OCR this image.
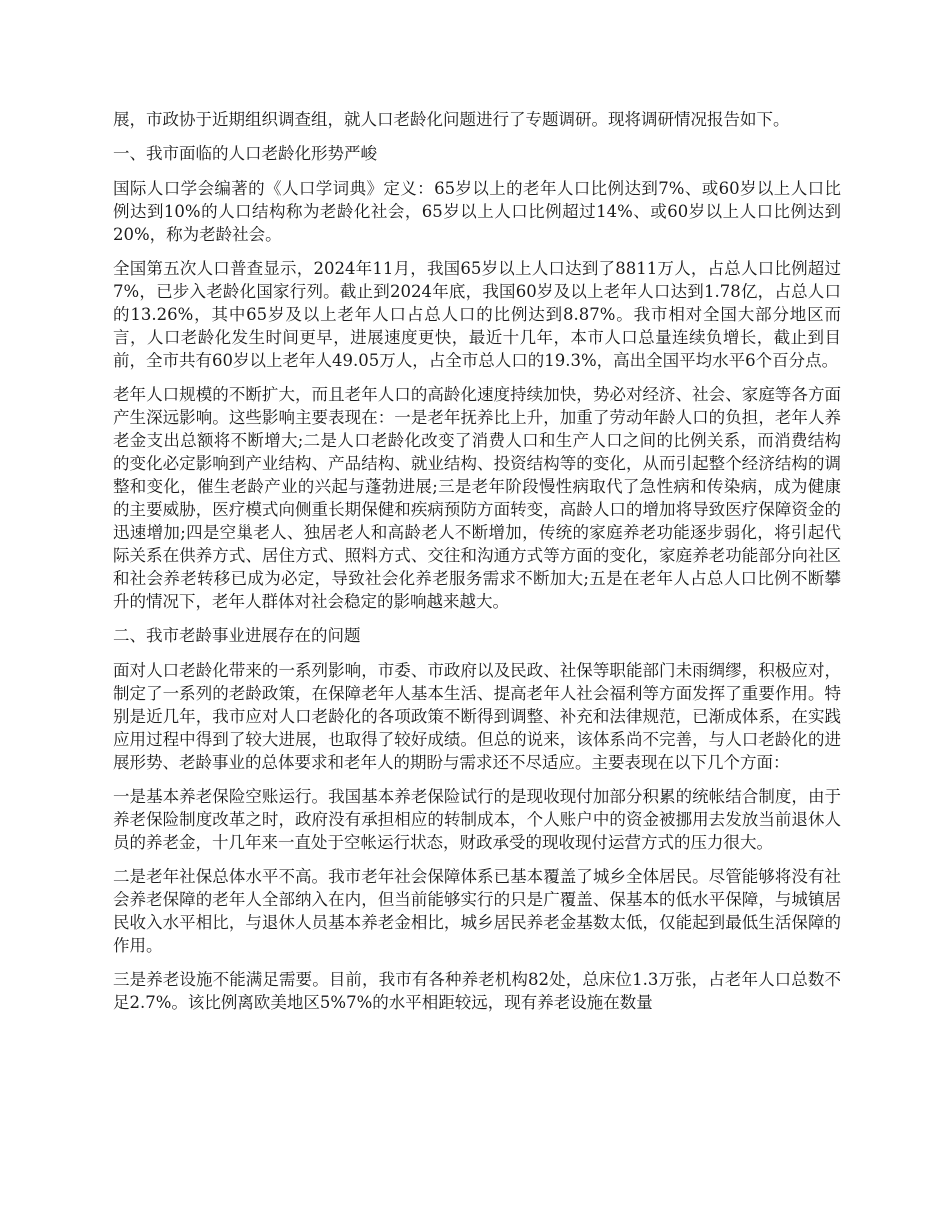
展，市政协于近期组织调查组，就人口老龄化问题进行了专题调研。现将调研情况报告如下。

一、我市面临的人口老龄化形势严峻

国际人口学会编著的《人口学词典》定义：65岁以上的老年人口比例达到7%、或60岁以上人口比例达到10%的人口结构称为老龄化社会，65岁以上人口比例超过14%、或60岁以上人口比例达到20%，称为老龄社会。

全国第五次人口普查显示，2024年11月，我国65岁以上人口达到了8811万人，占总人口比例超过7%，已步入老龄化国家行列。截止到2024年底，我国60岁及以上老年人口达到1.78亿，占总人口的13.26%，其中65岁及以上老年人口占总人口的比例达到8.87%。我市相对全国大部分地区而言，人口老龄化发生时间更早，进展速度更快，最近十几年，本市人口总量连续负增长，截止到目前，全市共有60岁以上老年人49.05万人，占全市总人口的19.3%，高出全国平均水平6个百分点。

老年人口规模的不断扩大，而且老年人口的高龄化速度持续加快，势必对经济、社会、家庭等各方面产生深远影响。这些影响主要表现在：一是老年抚养比上升，加重了劳动年龄人口的负担，老年人养老金支出总额将不断增大;二是人口老龄化改变了消费人口和生产人口之间的比例关系，而消费结构的变化必定影响到产业结构、产品结构、就业结构、投资结构等的变化，从而引起整个经济结构的调整和变化，催生老龄产业的兴起与蓬勃进展;三是老年阶段慢性病取代了急性病和传染病，成为健康的主要威胁，医疗模式向侧重长期保健和疾病预防方面转变，高龄人口的增加将导致医疗保障资金的迅速增加;四是空巢老人、独居老人和高龄老人不断增加，传统的家庭养老功能逐步弱化，将引起代际关系在供养方式、居住方式、照料方式、交往和沟通方式等方面的变化，家庭养老功能部分向社区和社会养老转移已成为必定，导致社会化养老服务需求不断加大;五是在老年人占总人口比例不断攀升的情况下，老年人群体对社会稳定的影响越来越大。

二、我市老龄事业进展存在的问题

面对人口老龄化带来的一系列影响，市委、市政府以及民政、社保等职能部门未雨绸缪，积极应对，制定了一系列的老龄政策，在保障老年人基本生活、提高老年人社会福利等方面发挥了重要作用。特别是近几年，我市应对人口老龄化的各项政策不断得到调整、补充和法律规范，已渐成体系，在实践应用过程中得到了较大进展，也取得了较好成绩。但总的说来，该体系尚不完善，与人口老龄化的进展形势、老龄事业的总体要求和老年人的期盼与需求还不尽适应。主要表现在以下几个方面：

一是基本养老保险空账运行。我国基本养老保险试行的是现收现付加部分积累的统帐结合制度，由于养老保险制度改革之时，政府没有承担相应的转制成本，个人账户中的资金被挪用去发放当前退休人员的养老金，十几年来一直处于空帐运行状态，财政承受的现收现付运营方式的压力很大。

二是老年社保总体水平不高。我市老年社会保障体系已基本覆盖了城乡全体居民。尽管能够将没有社会养老保障的老年人全部纳入在内，但当前能够实行的只是广覆盖、保基本的低水平保障，与城镇居民收入水平相比，与退休人员基本养老金相比，城乡居民养老金基数太低，仅能起到最低生活保障的作用。

三是养老设施不能满足需要。目前，我市有各种养老机构82处，总床位1.3万张，占老年人口总数不足2.7%。该比例离欧美地区5%7%的水平相距较远，现有养老设施在数量
